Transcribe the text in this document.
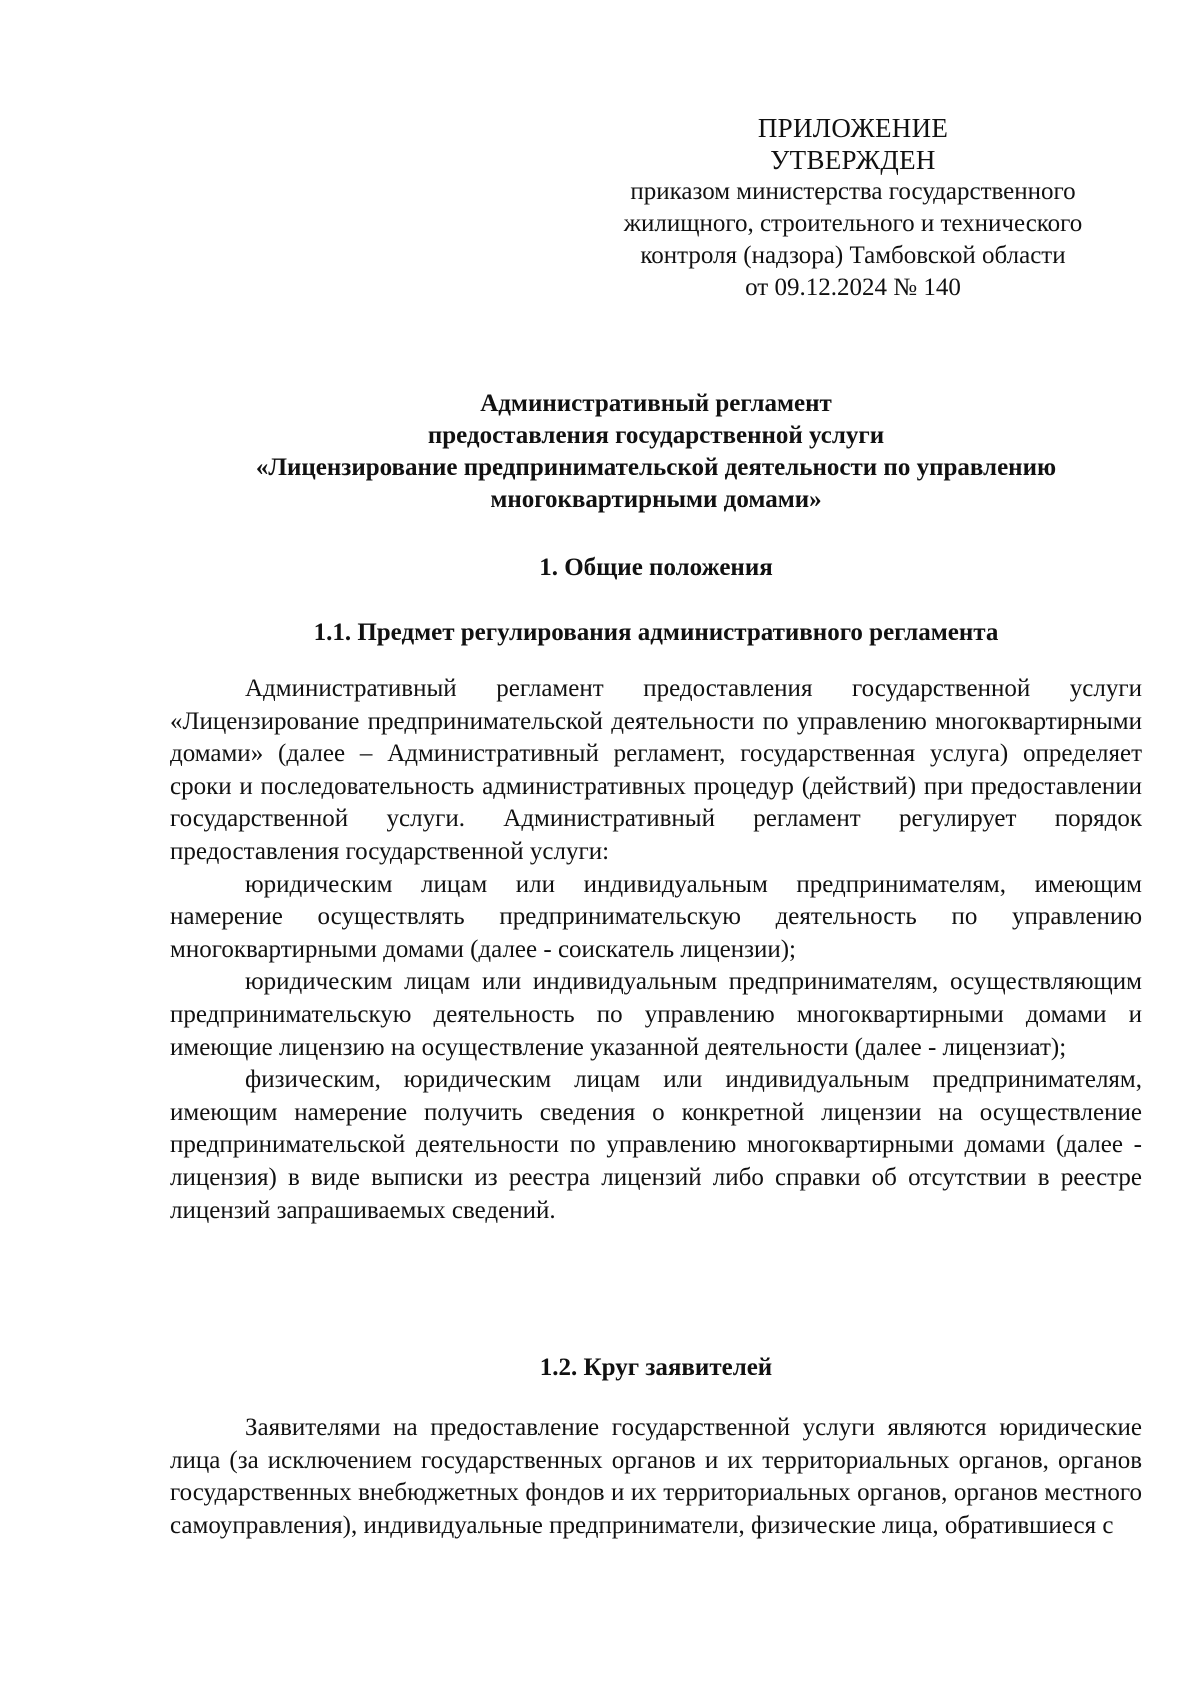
ПРИЛОЖЕНИЕ
УТВЕРЖДЕН
приказом министерства государственного
жилищного, строительного и технического
контроля (надзора) Тамбовской области
от 09.12.2024 № 140
Административный регламент
предоставления государственной услуги
«Лицензирование предпринимательской деятельности по управлению
многоквартирными домами»
1. Общие положения
1.1. Предмет регулирования административного регламента

Административный регламент предоставления государственной услуги «Лицензирование предпринимательской деятельности по управлению многоквартирными домами» (далее – Административный регламент, государственная услуга) определяет сроки и последовательность административных процедур (действий) при предоставлении государственной услуги. Административный регламент регулирует порядок предоставления государственной услуги:

юридическим лицам или индивидуальным предпринимателям, имеющим намерение осуществлять предпринимательскую деятельность по управлению многоквартирными домами (далее - соискатель лицензии);

юридическим лицам или индивидуальным предпринимателям, осуществляющим предпринимательскую деятельность по управлению многоквартирными домами и имеющие лицензию на осуществление указанной деятельности (далее - лицензиат);

физическим, юридическим лицам или индивидуальным предпринимателям, имеющим намерение получить сведения о конкретной лицензии на осуществление предпринимательской деятельности по управлению многоквартирными домами (далее - лицензия) в виде выписки из реестра лицензий либо справки об отсутствии в реестре лицензий запрашиваемых сведений.

1.2. Круг заявителей

Заявителями на предоставление государственной услуги являются юридические лица (за исключением государственных органов и их территориальных органов, органов государственных внебюджетных фондов и их территориальных органов, органов местного самоуправления), индивидуальные предприниматели, физические лица, обратившиеся с
